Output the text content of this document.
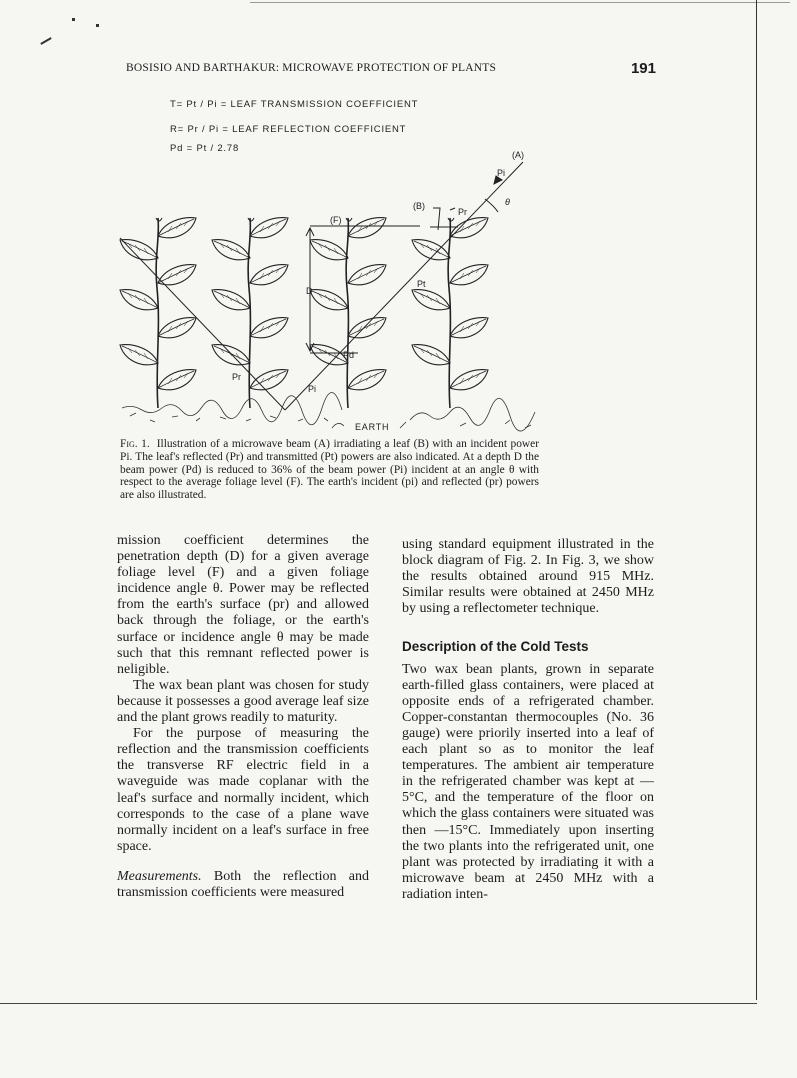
BOSISIO AND BARTHAKUR: MICROWAVE PROTECTION OF PLANTS	191
T= Pt / Pi = LEAF TRANSMISSION COEFFICIENT
R= Pr / Pi = LEAF REFLECTION COEFFICIENT
Pd = Pt / 2.78
(A)
Pi
(B)
Pr
θ
(F)
D
Pt
Pd
Pr
Pi
EARTH
Fig. 1. Illustration of a microwave beam (A) irradiating a leaf (B) with an incident power Pi. The leaf's reflected (Pr) and transmitted (Pt) powers are also indicated. At a depth D the beam power (Pd) is reduced to 36% of the beam power (Pi) incident at an angle θ with respect to the average foliage level (F). The earth's incident (pi) and reflected (pr) powers are also illustrated.

mission coefficient determines the penetration depth (D) for a given average foliage level (F) and a given foliage incidence angle θ. Power may be reflected from the earth's surface (pr) and allowed back through the foliage, or the earth's surface or incidence angle θ may be made such that this remnant reflected power is neligible.

The wax bean plant was chosen for study because it possesses a good average leaf size and the plant grows readily to maturity.

For the purpose of measuring the reflection and the transmission coefficients the transverse RF electric field in a waveguide was made coplanar with the leaf's surface and normally incident, which corresponds to the case of a plane wave normally incident on a leaf's surface in free space.

Measurements. Both the reflection and transmission coefficients were measured

using standard equipment illustrated in the block diagram of Fig. 2. In Fig. 3, we show the results obtained around 915 MHz. Similar results were obtained at 2450 MHz by using a reflectometer technique.

Description of the Cold Tests

Two wax bean plants, grown in separate earth-filled glass containers, were placed at opposite ends of a refrigerated chamber. Copper-constantan thermocouples (No. 36 gauge) were priorily inserted into a leaf of each plant so as to monitor the leaf temperatures. The ambient air temperature in the refrigerated chamber was kept at —5°C, and the temperature of the floor on which the glass containers were situated was then —15°C. Immediately upon inserting the two plants into the refrigerated unit, one plant was protected by irradiating it with a microwave beam at 2450 MHz with a radiation inten-
